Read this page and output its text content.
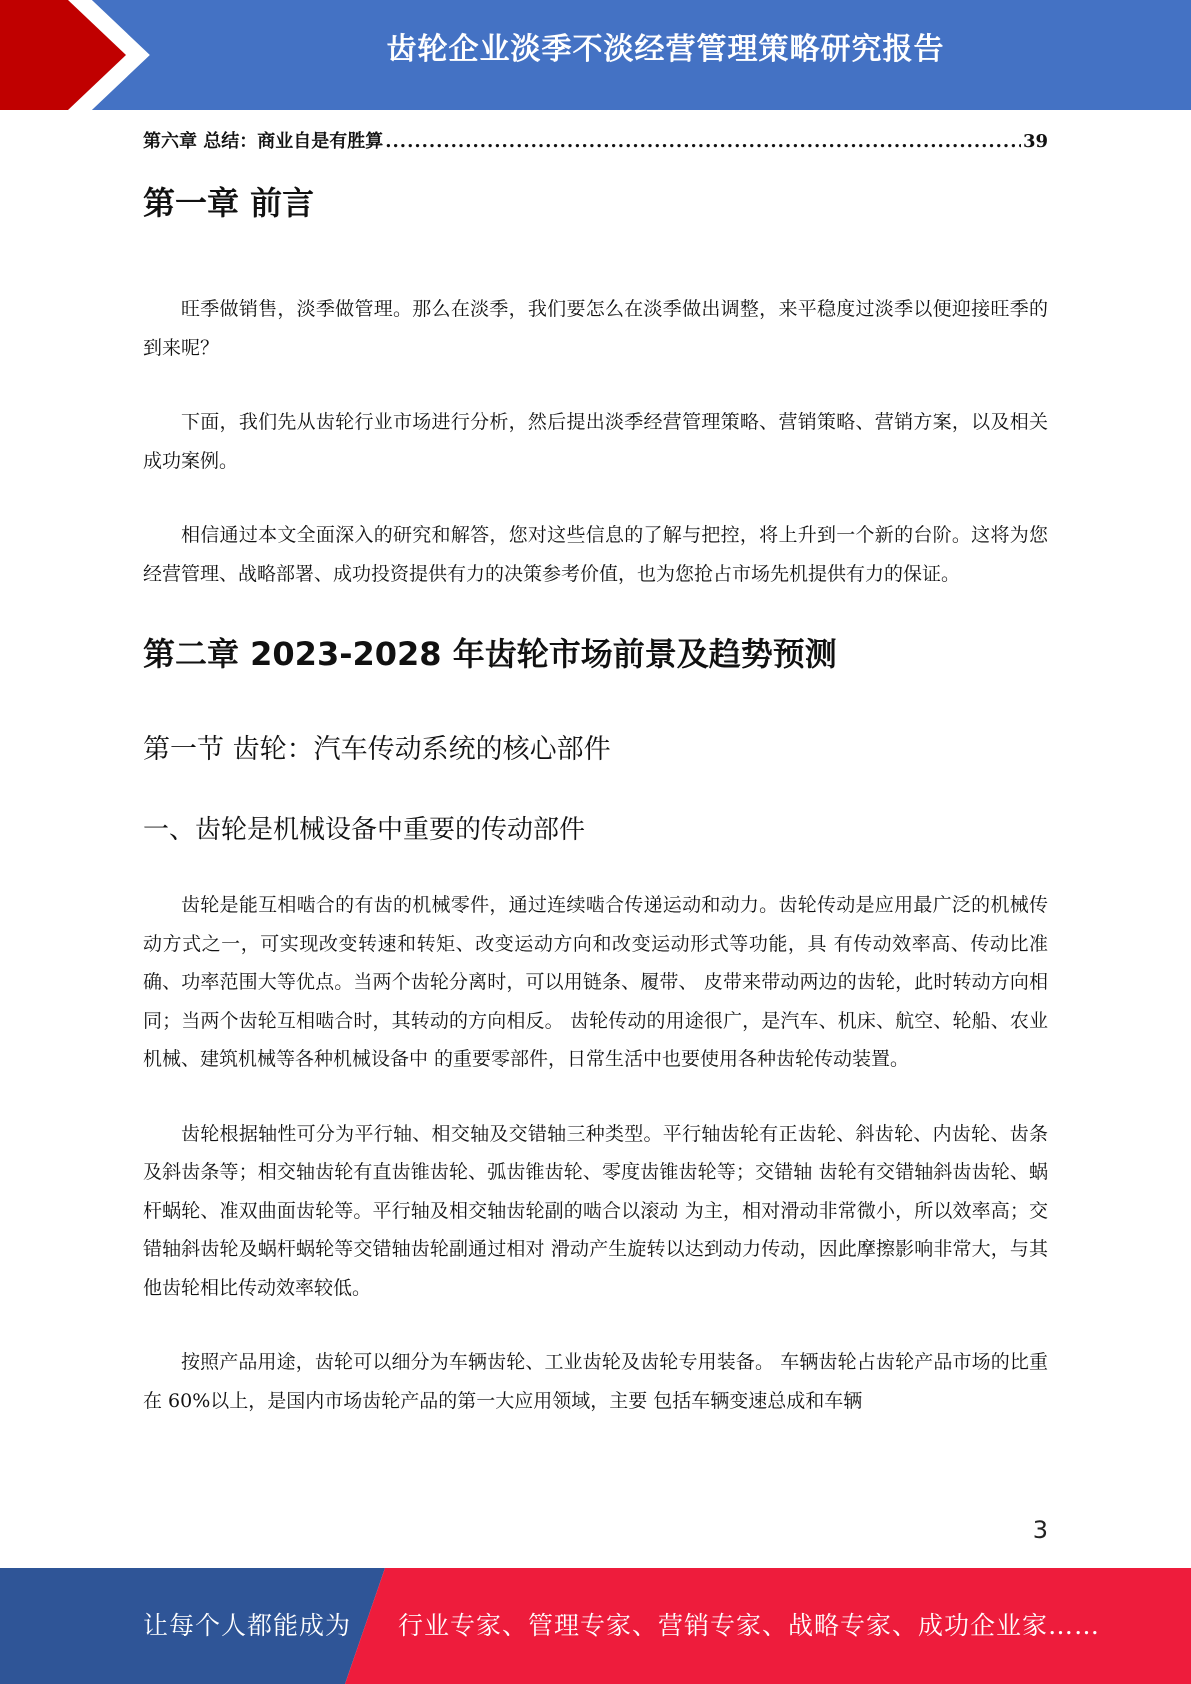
齿轮企业淡季不淡经营管理策略研究报告
第六章 总结：商业自是有胜算
.....	39
第一章 前言

旺季做销售，淡季做管理。那么在淡季，我们要怎么在淡季做出调整，来平稳度过淡季以便迎接旺季的到来呢？

下面，我们先从齿轮行业市场进行分析，然后提出淡季经营管理策略、营销策略、营销方案，以及相关成功案例。

相信通过本文全面深入的研究和解答，您对这些信息的了解与把控，将上升到一个新的台阶。这将为您经营管理、战略部署、成功投资提供有力的决策参考价值，也为您抢占市场先机提供有力的保证。

第二章 2023-2028 年齿轮市场前景及趋势预测
第一节 齿轮：汽车传动系统的核心部件
一、齿轮是机械设备中重要的传动部件

齿轮是能互相啮合的有齿的机械零件，通过连续啮合传递运动和动力。齿轮传动是应用最广泛的机械传动方式之一，可实现改变转速和转矩、改变运动方向和改变运动形式等功能，具 有传动效率高、传动比准确、功率范围大等优点。当两个齿轮分离时，可以用链条、履带、 皮带来带动两边的齿轮，此时转动方向相同；当两个齿轮互相啮合时，其转动的方向相反。 齿轮传动的用途很广，是汽车、机床、航空、轮船、农业机械、建筑机械等各种机械设备中 的重要零部件，日常生活中也要使用各种齿轮传动装置。

齿轮根据轴性可分为平行轴、相交轴及交错轴三种类型。平行轴齿轮有正齿轮、斜齿轮、内齿轮、齿条及斜齿条等；相交轴齿轮有直齿锥齿轮、弧齿锥齿轮、零度齿锥齿轮等；交错轴 齿轮有交错轴斜齿齿轮、蜗杆蜗轮、准双曲面齿轮等。平行轴及相交轴齿轮副的啮合以滚动 为主，相对滑动非常微小，所以效率高；交错轴斜齿轮及蜗杆蜗轮等交错轴齿轮副通过相对 滑动产生旋转以达到动力传动，因此摩擦影响非常大，与其他齿轮相比传动效率较低。

按照产品用途，齿轮可以细分为车辆齿轮、工业齿轮及齿轮专用装备。 车辆齿轮占齿轮产品市场的比重在 60%以上，是国内市场齿轮产品的第一大应用领域，主要 包括车辆变速总成和车辆

3
让每个人都能成为 行业专家、管理专家、营销专家、战略专家、成功企业家……
